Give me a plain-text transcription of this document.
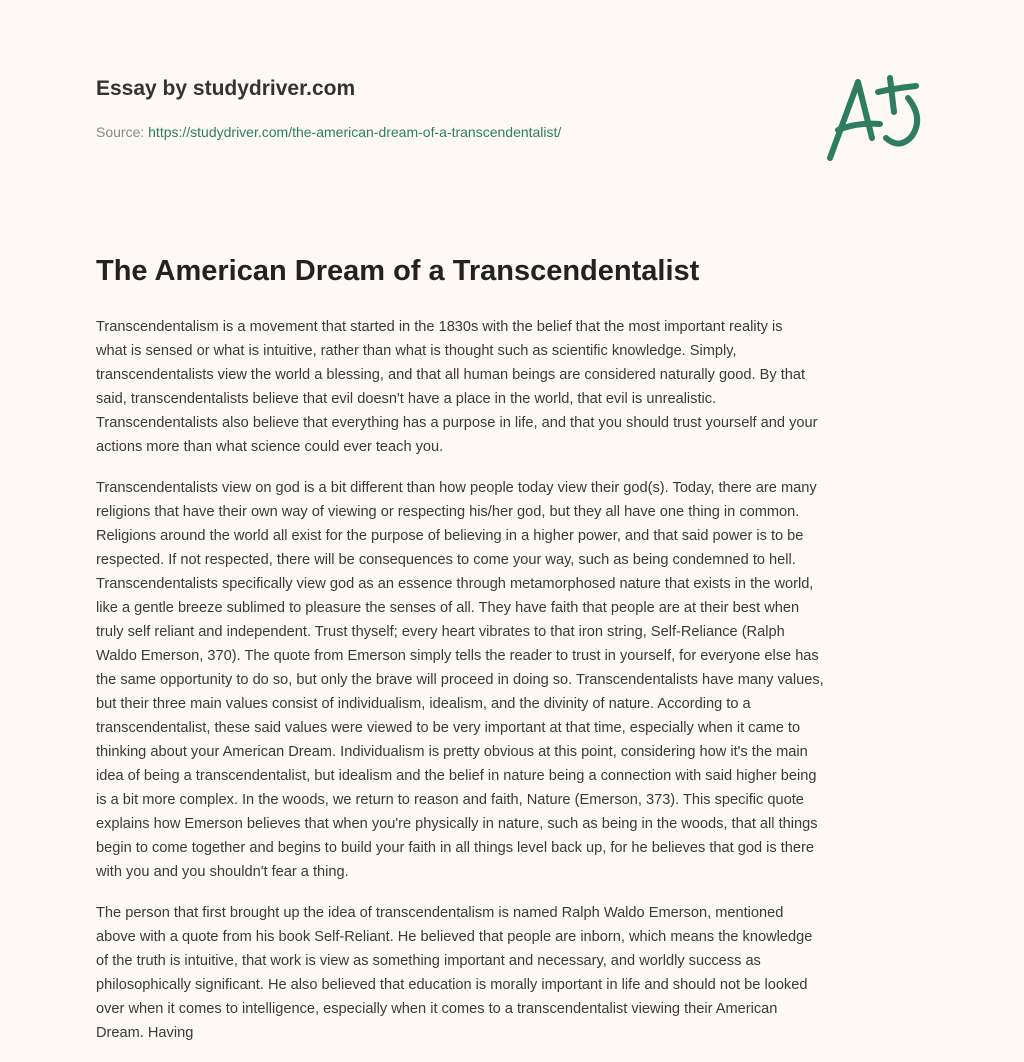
Essay by studydriver.com
Source: https://studydriver.com/the-american-dream-of-a-transcendentalist/
The American Dream of a Transcendentalist

Transcendentalism is a movement that started in the 1830s with the belief that the most important reality is
what is sensed or what is intuitive, rather than what is thought such as scientific knowledge. Simply,
transcendentalists view the world a blessing, and that all human beings are considered naturally good. By that
said, transcendentalists believe that evil doesn't have a place in the world, that evil is unrealistic.
Transcendentalists also believe that everything has a purpose in life, and that you should trust yourself and your
actions more than what science could ever teach you.

Transcendentalists view on god is a bit different than how people today view their god(s). Today, there are many
religions that have their own way of viewing or respecting his/her god, but they all have one thing in common.
Religions around the world all exist for the purpose of believing in a higher power, and that said power is to be
respected. If not respected, there will be consequences to come your way, such as being condemned to hell.
Transcendentalists specifically view god as an essence through metamorphosed nature that exists in the world,
like a gentle breeze sublimed to pleasure the senses of all. They have faith that people are at their best when
truly self reliant and independent. Trust thyself; every heart vibrates to that iron string, Self-Reliance (Ralph
Waldo Emerson, 370). The quote from Emerson simply tells the reader to trust in yourself, for everyone else has
the same opportunity to do so, but only the brave will proceed in doing so. Transcendentalists have many values,
but their three main values consist of individualism, idealism, and the divinity of nature. According to a
transcendentalist, these said values were viewed to be very important at that time, especially when it came to
thinking about your American Dream. Individualism is pretty obvious at this point, considering how it's the main
idea of being a transcendentalist, but idealism and the belief in nature being a connection with said higher being
is a bit more complex. In the woods, we return to reason and faith, Nature (Emerson, 373). This specific quote
explains how Emerson believes that when you're physically in nature, such as being in the woods, that all things
begin to come together and begins to build your faith in all things level back up, for he believes that god is there
with you and you shouldn't fear a thing.

The person that first brought up the idea of transcendentalism is named Ralph Waldo Emerson, mentioned
above with a quote from his book Self-Reliant. He believed that people are inborn, which means the knowledge
of the truth is intuitive, that work is view as something important and necessary, and worldly success as
philosophically significant. He also believed that education is morally important in life and should not be looked
over when it comes to intelligence, especially when it comes to a transcendentalist viewing their American
Dream. Having
